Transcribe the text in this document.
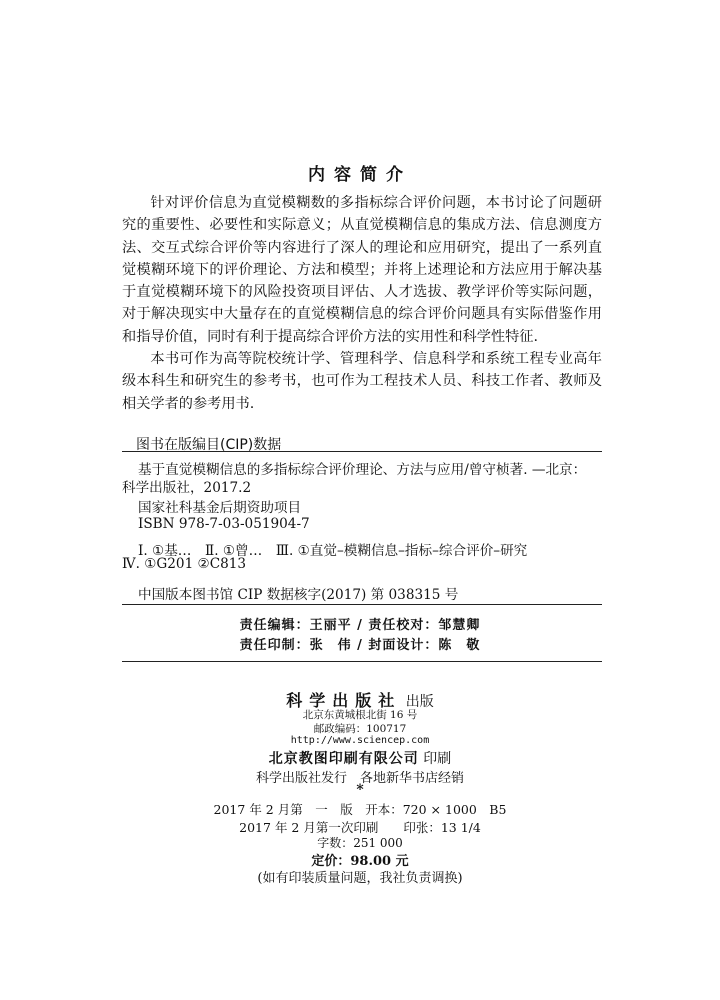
内容简介

针对评价信息为直觉模糊数的多指标综合评价问题，本书讨论了问题研究的重要性、必要性和实际意义；从直觉模糊信息的集成方法、信息测度方法、交互式综合评价等内容进行了深人的理论和应用研究，提出了一系列直觉模糊环境下的评价理论、方法和模型；并将上述理论和方法应用于解决基于直觉模糊环境下的风险投资项目评估、人才选拔、教学评价等实际问题，对于解决现实中大量存在的直觉模糊信息的综合评价问题具有实际借鉴作用和指导价值，同时有利于提高综合评价方法的实用性和科学性特征.

本书可作为高等院校统计学、管理科学、信息科学和系统工程专业高年级本科生和研究生的参考书，也可作为工程技术人员、科技工作者、教师及相关学者的参考用书.

图书在版编目(CIP)数据
基于直觉模糊信息的多指标综合评价理论、方法与应用/曾守桢著. —北京：
科学出版社，2017.2
国家社科基金后期资助项目
ISBN 978-7-03-051904-7
Ⅰ. ①基…　Ⅱ. ①曾…　Ⅲ. ①直觉–模糊信息–指标–综合评价–研究
Ⅳ. ①G201 ②C813
中国版本图书馆 CIP 数据核字(2017) 第 038315 号
责任编辑：王丽平 / 责任校对：邹慧卿
责任印制：张　伟 / 封面设计：陈　敬
科学出版社 出版
北京东黄城根北街 16 号
邮政编码：100717
http://www.sciencep.com
北京教图印刷有限公司 印刷
科学出版社发行　各地新华书店经销
*
2017 年 2 月第　一　版　开本：720 × 1000　B5
2017 年 2 月第一次印刷　　印张：13 1/4
字数：251 000
定价：98.00 元
(如有印装质量问题，我社负责调换)
